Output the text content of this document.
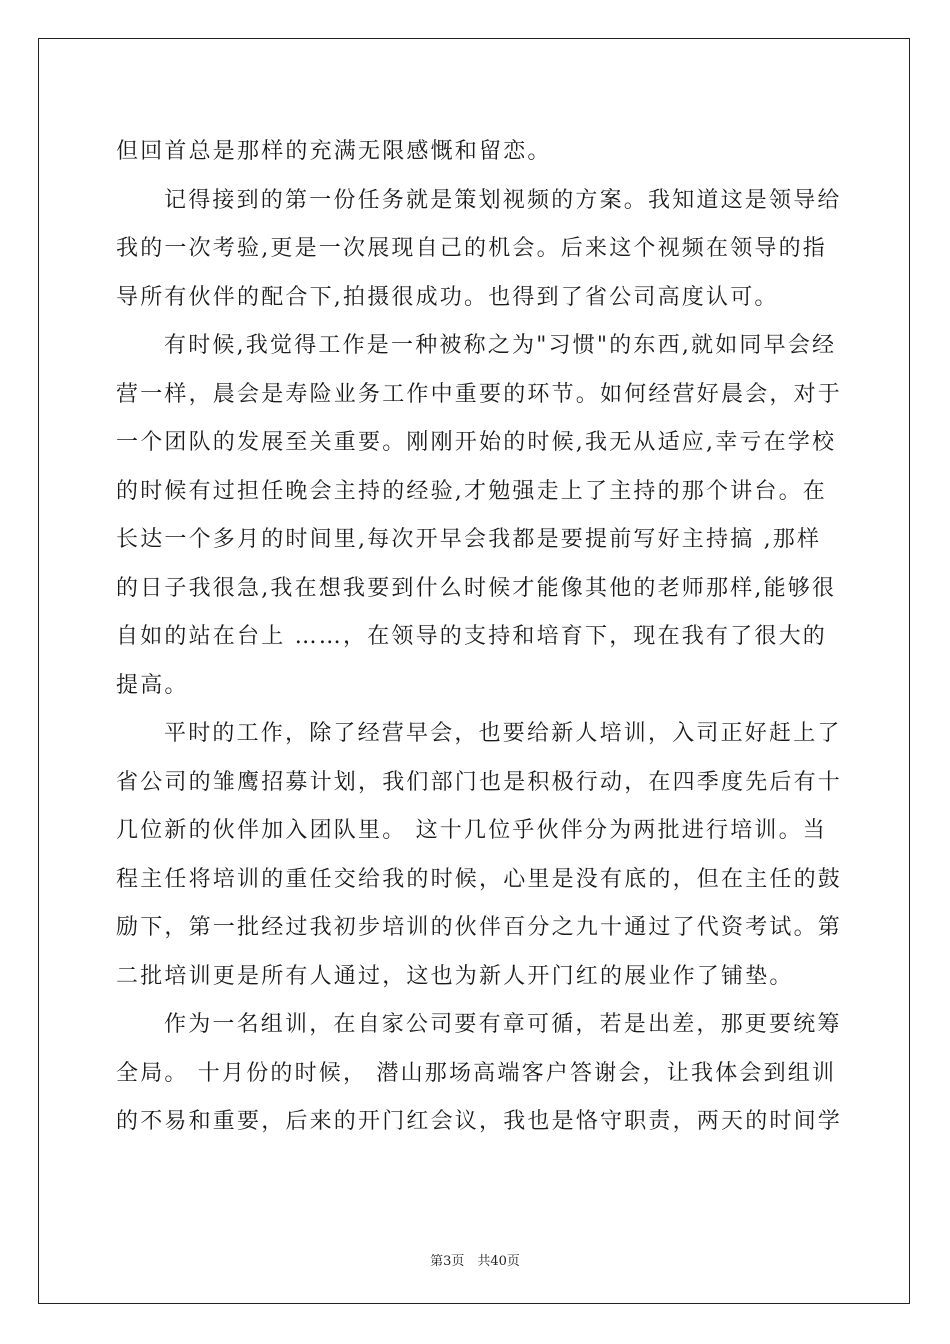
但回首总是那样的充满无限感慨和留恋。
记得接到的第一份任务就是策划视频的方案。我知道这是领导给
我的一次考验,更是一次展现自己的机会。后来这个视频在领导的指
导所有伙伴的配合下,拍摄很成功。也得到了省公司高度认可。
有时候,我觉得工作是一种被称之为"习惯"的东西,就如同早会经
营一样，晨会是寿险业务工作中重要的环节。如何经营好晨会，对于
一个团队的发展至关重要。刚刚开始的时候,我无从适应,幸亏在学校
的时候有过担任晚会主持的经验,才勉强走上了主持的那个讲台。在
长达一个多月的时间里,每次开早会我都是要提前写好主持搞 ,那样
的日子我很急,我在想我要到什么时候才能像其他的老师那样,能够很
自如的站在台上 ……，在领导的支持和培育下，现在我有了很大的
提高。
平时的工作，除了经营早会，也要给新人培训，入司正好赶上了
省公司的雏鹰招募计划，我们部门也是积极行动，在四季度先后有十
几位新的伙伴加入团队里。 这十几位乎伙伴分为两批进行培训。当
程主任将培训的重任交给我的时候，心里是没有底的，但在主任的鼓
励下，第一批经过我初步培训的伙伴百分之九十通过了代资考试。第
二批培训更是所有人通过，这也为新人开门红的展业作了铺垫。
作为一名组训，在自家公司要有章可循，若是出差，那更要统筹
全局。 十月份的时候， 潜山那场高端客户答谢会，让我体会到组训
的不易和重要，后来的开门红会议，我也是恪守职责，两天的时间学
第3页　共40页
